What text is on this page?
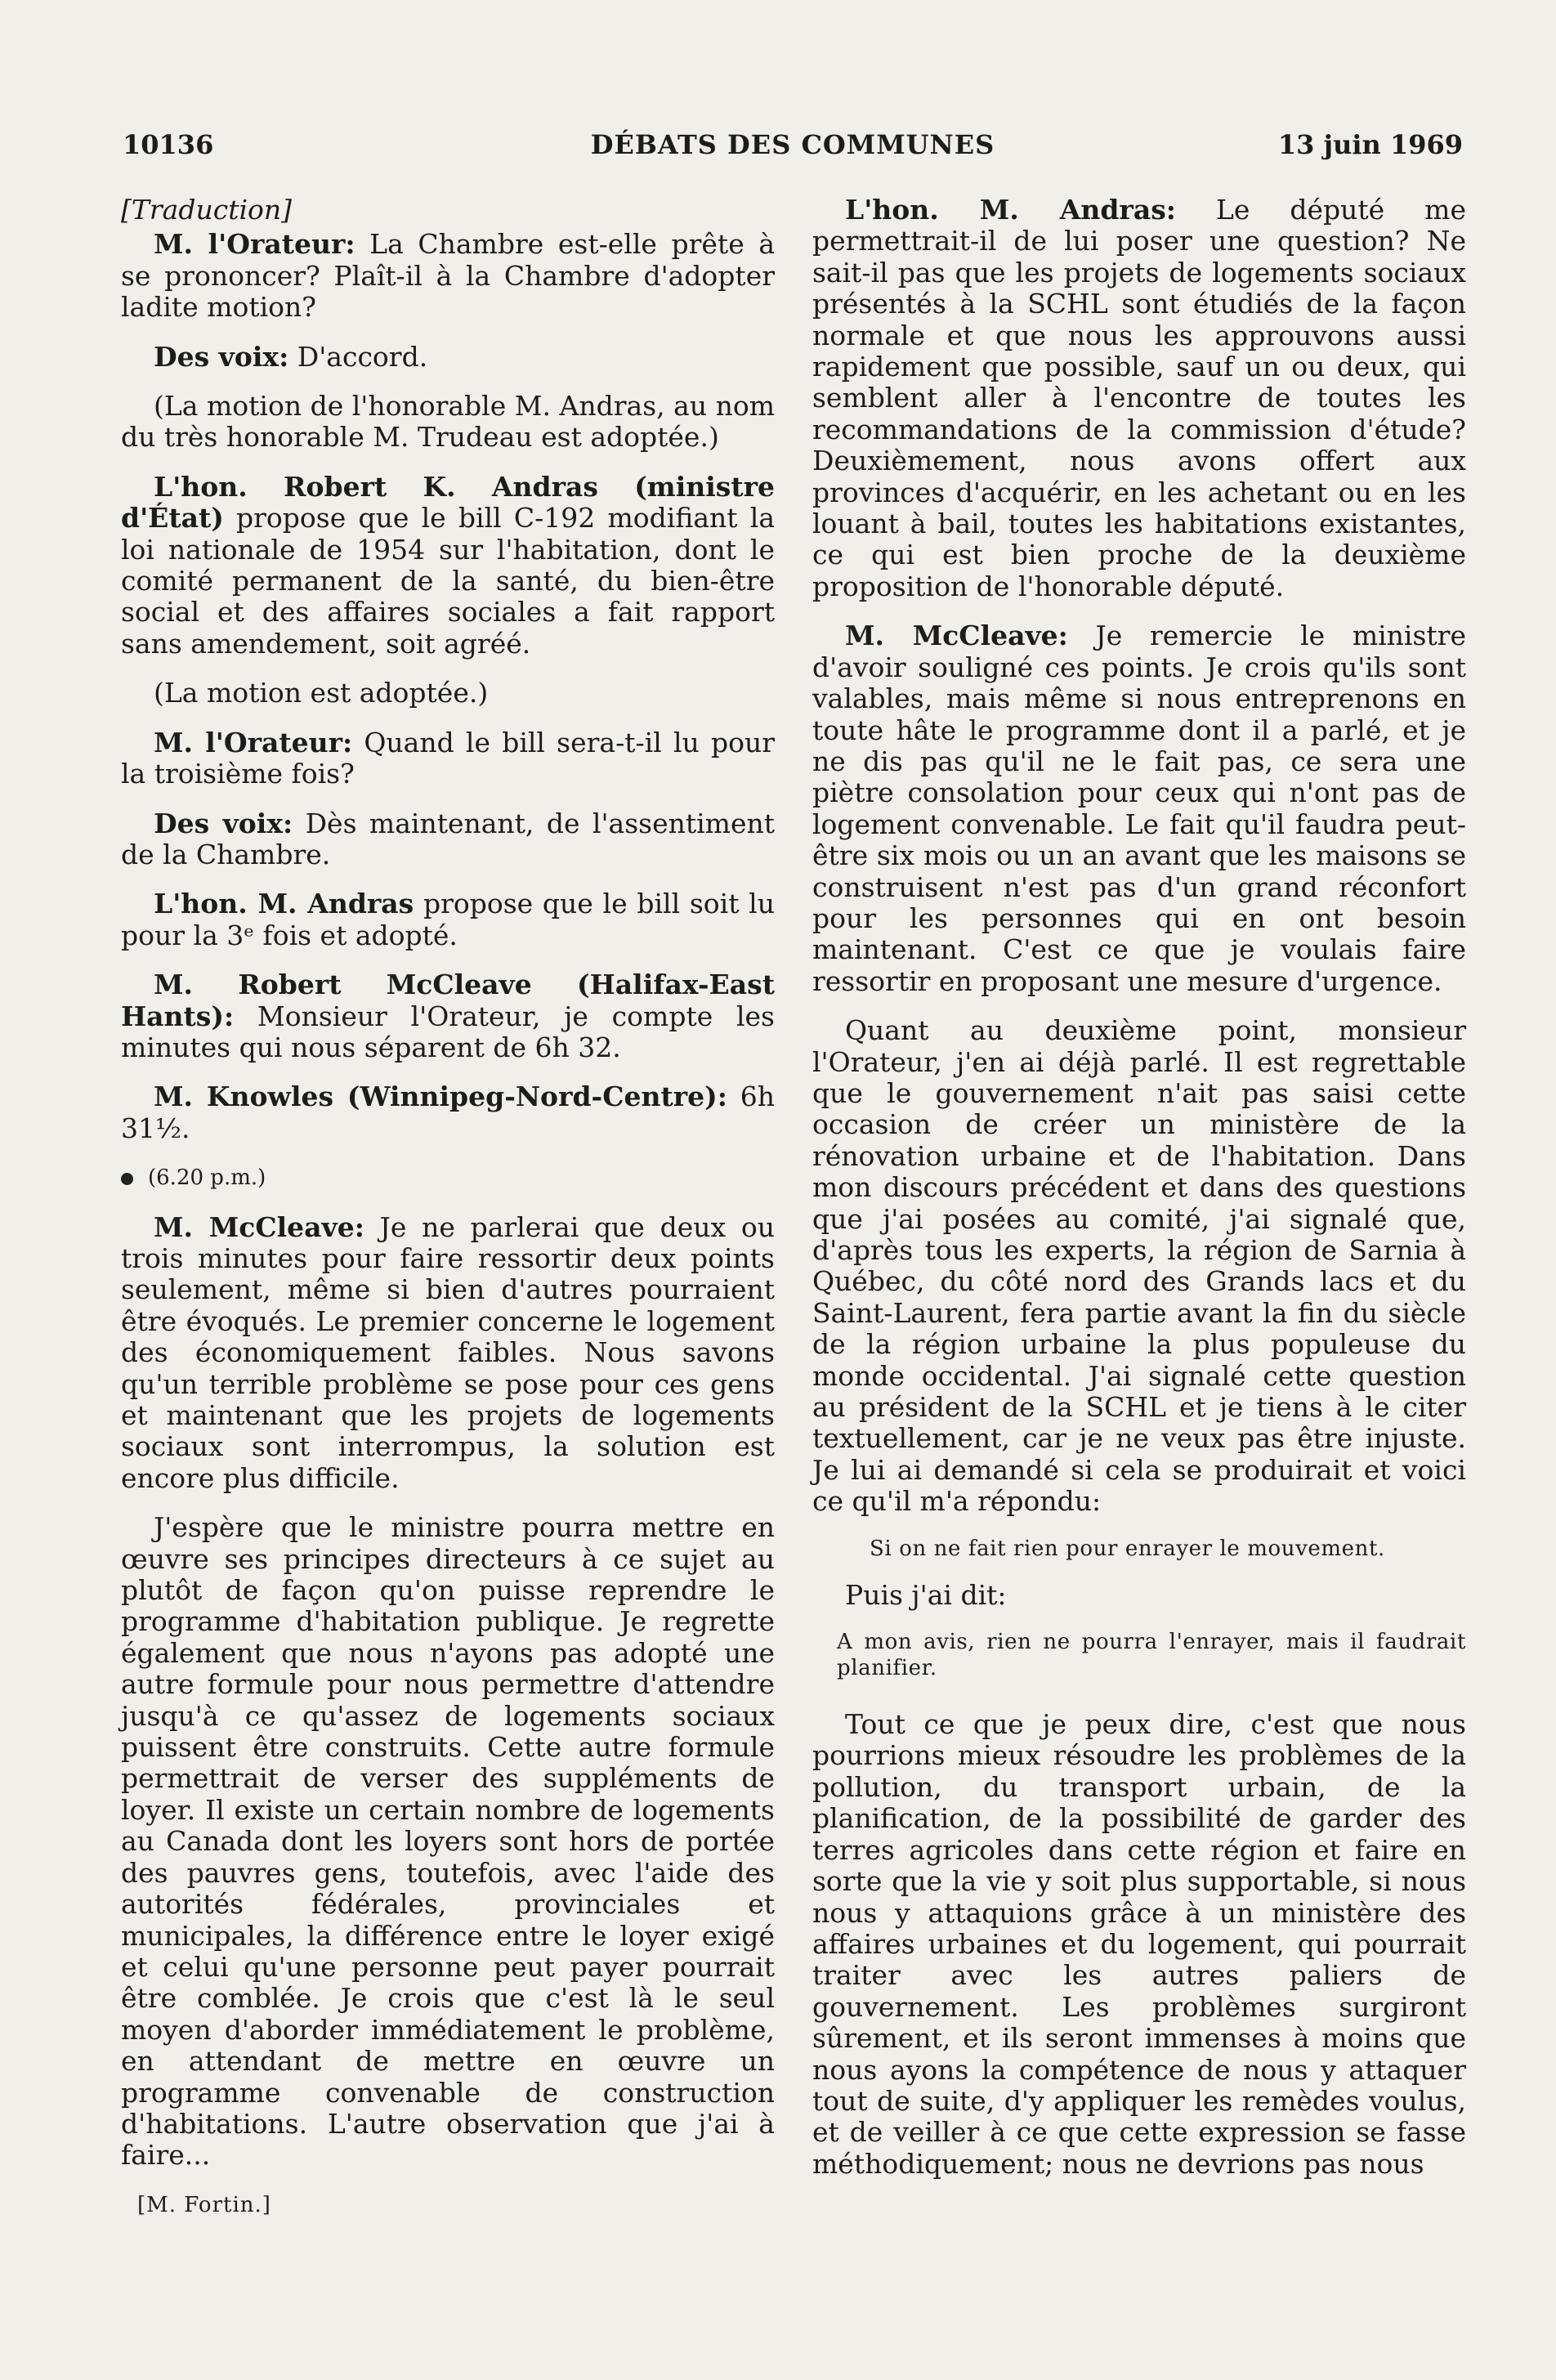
10136	DÉBATS DES COMMUNES	13 juin 1969

[Traduction]

M. l'Orateur: La Chambre est-elle prête à se prononcer? Plaît-il à la Chambre d'adopter ladite motion?

Des voix: D'accord.

(La motion de l'honorable M. Andras, au nom du très honorable M. Trudeau est adoptée.)

L'hon. Robert K. Andras (ministre d'État) propose que le bill C-192 modifiant la loi nationale de 1954 sur l'habitation, dont le comité permanent de la santé, du bien-être social et des affaires sociales a fait rapport sans amendement, soit agréé.

(La motion est adoptée.)

M. l'Orateur: Quand le bill sera-t-il lu pour la troisième fois?

Des voix: Dès maintenant, de l'assentiment de la Chambre.

L'hon. M. Andras propose que le bill soit lu pour la 3ᵉ fois et adopté.

M. Robert McCleave (Halifax-East Hants): Monsieur l'Orateur, je compte les minutes qui nous séparent de 6h 32.

M. Knowles (Winnipeg-Nord-Centre): 6h 31½.

(6.20 p.m.)

M. McCleave: Je ne parlerai que deux ou trois minutes pour faire ressortir deux points seulement, même si bien d'autres pourraient être évoqués. Le premier concerne le logement des économiquement faibles. Nous savons qu'un terrible problème se pose pour ces gens et maintenant que les projets de logements sociaux sont interrompus, la solution est encore plus difficile.

J'espère que le ministre pourra mettre en œuvre ses principes directeurs à ce sujet au plutôt de façon qu'on puisse reprendre le programme d'habitation publique. Je regrette également que nous n'ayons pas adopté une autre formule pour nous permettre d'attendre jusqu'à ce qu'assez de logements sociaux puissent être construits. Cette autre formule permettrait de verser des suppléments de loyer. Il existe un certain nombre de logements au Canada dont les loyers sont hors de portée des pauvres gens, toutefois, avec l'aide des autorités fédérales, provinciales et municipales, la différence entre le loyer exigé et celui qu'une personne peut payer pourrait être comblée. Je crois que c'est là le seul moyen d'aborder immédiatement le problème, en attendant de mettre en œuvre un programme convenable de construction d'habitations. L'autre observation que j'ai à faire...

[M. Fortin.]

L'hon. M. Andras: Le député me permettrait-il de lui poser une question? Ne sait-il pas que les projets de logements sociaux présentés à la SCHL sont étudiés de la façon normale et que nous les approuvons aussi rapidement que possible, sauf un ou deux, qui semblent aller à l'encontre de toutes les recommandations de la commission d'étude? Deuxièmement, nous avons offert aux provinces d'acquérir, en les achetant ou en les louant à bail, toutes les habitations existantes, ce qui est bien proche de la deuxième proposition de l'honorable député.

M. McCleave: Je remercie le ministre d'avoir souligné ces points. Je crois qu'ils sont valables, mais même si nous entreprenons en toute hâte le programme dont il a parlé, et je ne dis pas qu'il ne le fait pas, ce sera une piètre consolation pour ceux qui n'ont pas de logement convenable. Le fait qu'il faudra peut-être six mois ou un an avant que les maisons se construisent n'est pas d'un grand réconfort pour les personnes qui en ont besoin maintenant. C'est ce que je voulais faire ressortir en proposant une mesure d'urgence.

Quant au deuxième point, monsieur l'Orateur, j'en ai déjà parlé. Il est regrettable que le gouvernement n'ait pas saisi cette occasion de créer un ministère de la rénovation urbaine et de l'habitation. Dans mon discours précédent et dans des questions que j'ai posées au comité, j'ai signalé que, d'après tous les experts, la région de Sarnia à Québec, du côté nord des Grands lacs et du Saint-Laurent, fera partie avant la fin du siècle de la région urbaine la plus populeuse du monde occidental. J'ai signalé cette question au président de la SCHL et je tiens à le citer textuellement, car je ne veux pas être injuste. Je lui ai demandé si cela se produirait et voici ce qu'il m'a répondu:

Si on ne fait rien pour enrayer le mouvement.

Puis j'ai dit:

A mon avis, rien ne pourra l'enrayer, mais il faudrait planifier.

Tout ce que je peux dire, c'est que nous pourrions mieux résoudre les problèmes de la pollution, du transport urbain, de la planification, de la possibilité de garder des terres agricoles dans cette région et faire en sorte que la vie y soit plus supportable, si nous nous y attaquions grâce à un ministère des affaires urbaines et du logement, qui pourrait traiter avec les autres paliers de gouvernement. Les problèmes surgiront sûrement, et ils seront immenses à moins que nous ayons la compétence de nous y attaquer tout de suite, d'y appliquer les remèdes voulus, et de veiller à ce que cette expression se fasse méthodiquement; nous ne devrions pas nous
